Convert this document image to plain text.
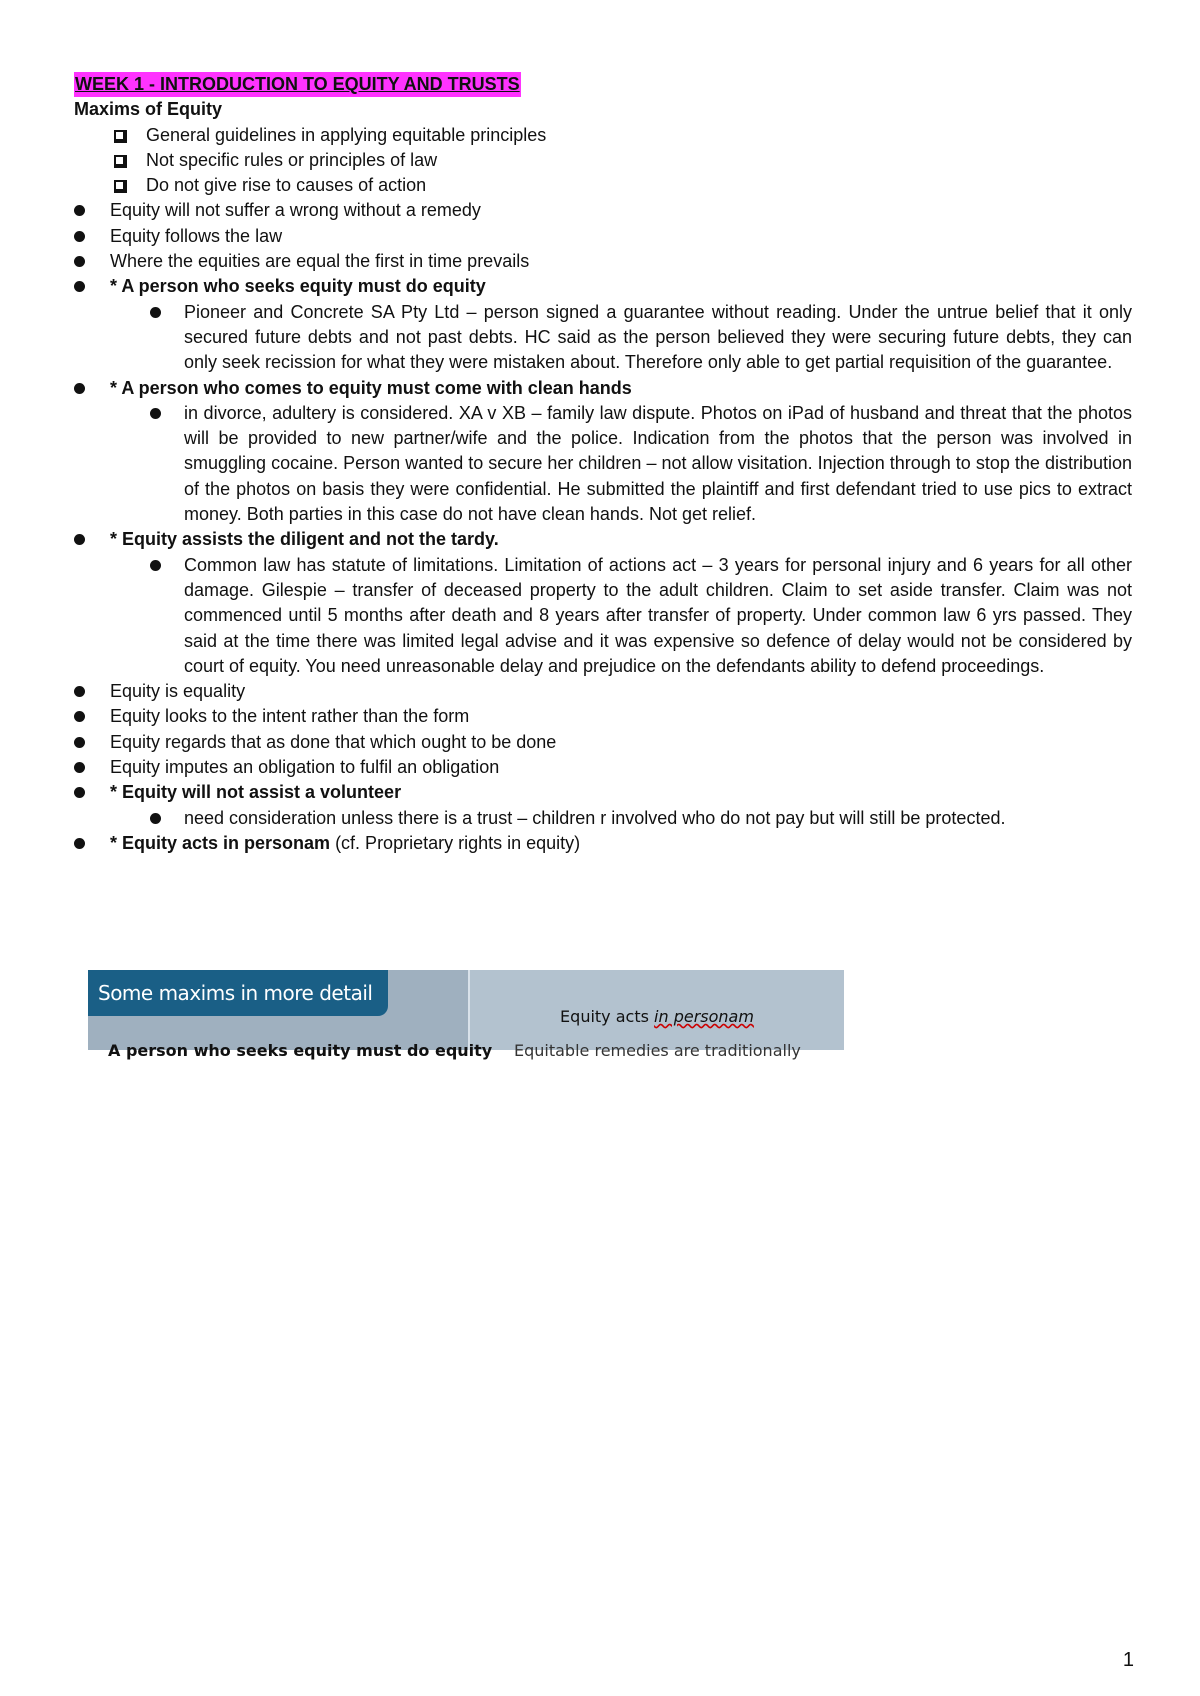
WEEK 1 - INTRODUCTION TO EQUITY AND TRUSTS
Maxims of Equity
General guidelines in applying equitable principles
Not specific rules or principles of law
Do not give rise to causes of action
Equity will not suffer a wrong without a remedy
Equity follows the law
Where the equities are equal the first in time prevails
* A person who seeks equity must do equity
Pioneer and Concrete SA Pty Ltd – person signed a guarantee without reading. Under the untrue belief that it only secured future debts and not past debts. HC said as the person believed they were securing future debts, they can only seek recission for what they were mistaken about. Therefore only able to get partial requisition of the guarantee.
* A person who comes to equity must come with clean hands
in divorce, adultery is considered. XA v XB – family law dispute. Photos on iPad of husband and threat that the photos will be provided to new partner/wife and the police. Indication from the photos that the person was involved in smuggling cocaine. Person wanted to secure her children – not allow visitation. Injection through to stop the distribution of the photos on basis they were confidential. He submitted the plaintiff and first defendant tried to use pics to extract money. Both parties in this case do not have clean hands. Not get relief.
* Equity assists the diligent and not the tardy.
Common law has statute of limitations. Limitation of actions act – 3 years for personal injury and 6 years for all other damage. Gilespie – transfer of deceased property to the adult children. Claim to set aside transfer. Claim was not commenced until 5 months after death and 8 years after transfer of property. Under common law 6 yrs passed. They said at the time there was limited legal advise and it was expensive so defence of delay would not be considered by court of equity. You need unreasonable delay and prejudice on the defendants ability to defend proceedings.
Equity is equality
Equity looks to the intent rather than the form
Equity regards that as done that which ought to be done
Equity imputes an obligation to fulfil an obligation
* Equity will not assist a volunteer
need consideration unless there is a trust – children r involved who do not pay but will still be protected.
* Equity acts in personam (cf. Proprietary rights in equity)
Some maxims in more detail
Equity acts in personam
A person who seeks equity must do equity Equitable remedies are traditionally
1
